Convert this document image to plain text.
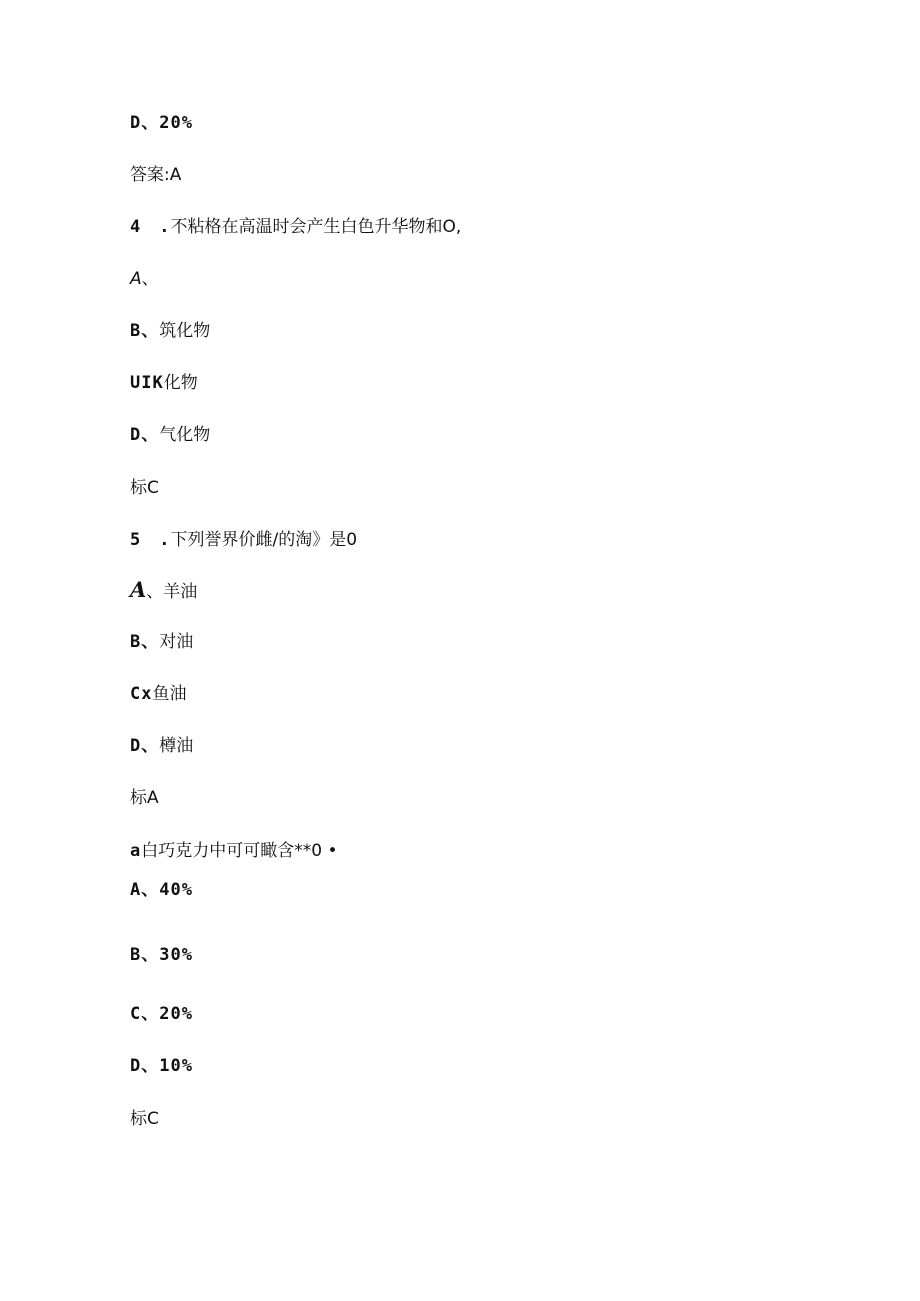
D、20%
答案:A
4　.不粘格在高温时会产生白色升华物和O,
A、
B、筑化物
UIK化物
D、气化物
标C
5　.下列誉界价雌/的淘》是0
A、羊油
B、对油
Cx鱼油
D、樽油
标A
a白巧克力中可可瞰含**0 •
A、40%
B、30%
C、20%
D、10%
标C
